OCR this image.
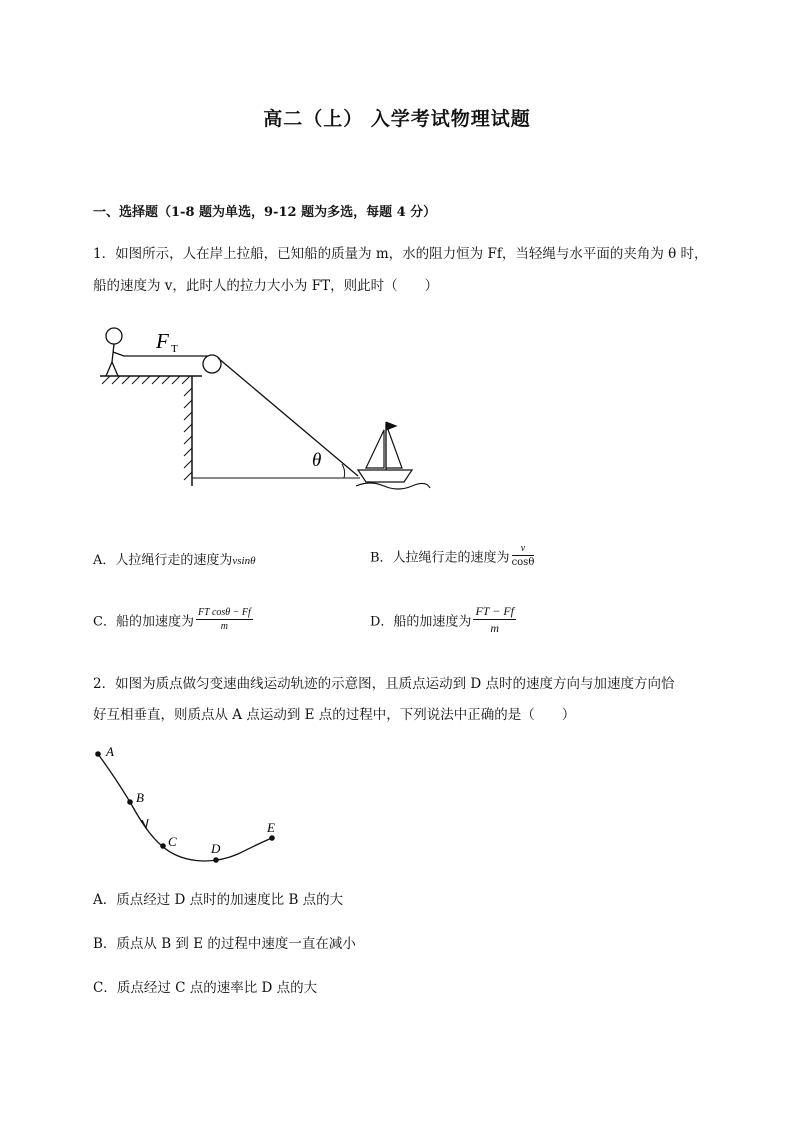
高二（上） 入学考试物理试题
一、选择题（1-8 题为单选，9-12 题为多选，每题 4 分）
1．如图所示，人在岸上拉船，已知船的质量为 m，水的阻力恒为 Ff，当轻绳与水平面的夹角为 θ 时，
船的速度为 v，此时人的拉力大小为 FT，则此时（　　）
F T
θ
A．人拉绳行走的速度为vsinθ	B．人拉绳行走的速度为 $\frac{v}{\cos\theta}$
C．船的加速度为 $\frac{\text{FT cosθ − Ff}}{m}$	D．船的加速度为 $\frac{FT - Ff}{m}$
2．如图为质点做匀变速曲线运动轨迹的示意图，且质点运动到 D 点时的速度方向与加速度方向恰
好互相垂直，则质点从 A 点运动到 E 点的过程中，下列说法中正确的是（　　）
A
B
C	D
E
A．质点经过 D 点时的加速度比 B 点的大
B．质点从 B 到 E 的过程中速度一直在减小
C．质点经过 C 点的速率比 D 点的大
